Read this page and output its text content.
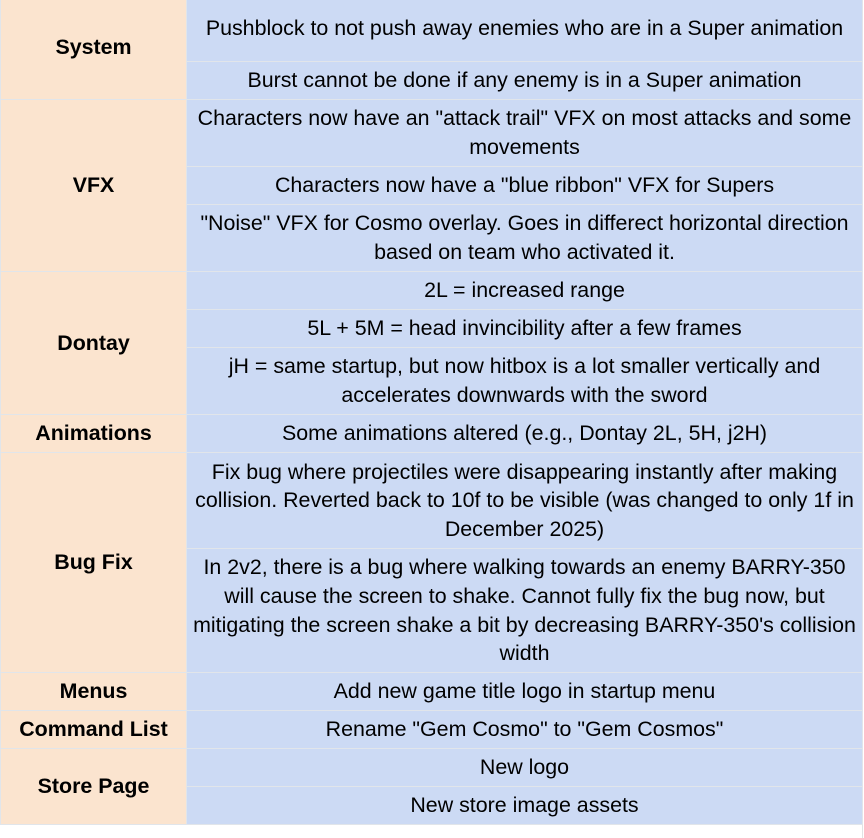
System	Pushblock to not push away enemies who are in a Super animation
	Burst cannot be done if any enemy is in a Super animation
VFX	Characters now have an "attack trail" VFX on most attacks and some movements
	Characters now have a "blue ribbon" VFX for Supers
	"Noise" VFX for Cosmo overlay. Goes in differect horizontal direction based on team who activated it.
Dontay	2L = increased range
	5L + 5M = head invincibility after a few frames
	jH = same startup, but now hitbox is a lot smaller vertically and accelerates downwards with the sword
Animations	Some animations altered (e.g., Dontay 2L, 5H, j2H)
Bug Fix	Fix bug where projectiles were disappearing instantly after making collision. Reverted back to 10f to be visible (was changed to only 1f in December 2025)
	In 2v2, there is a bug where walking towards an enemy BARRY-350 will cause the screen to shake. Cannot fully fix the bug now, but mitigating the screen shake a bit by decreasing BARRY-350's collision width
Menus	Add new game title logo in startup menu
Command List	Rename "Gem Cosmo" to "Gem Cosmos"
Store Page	New logo
	New store image assets
